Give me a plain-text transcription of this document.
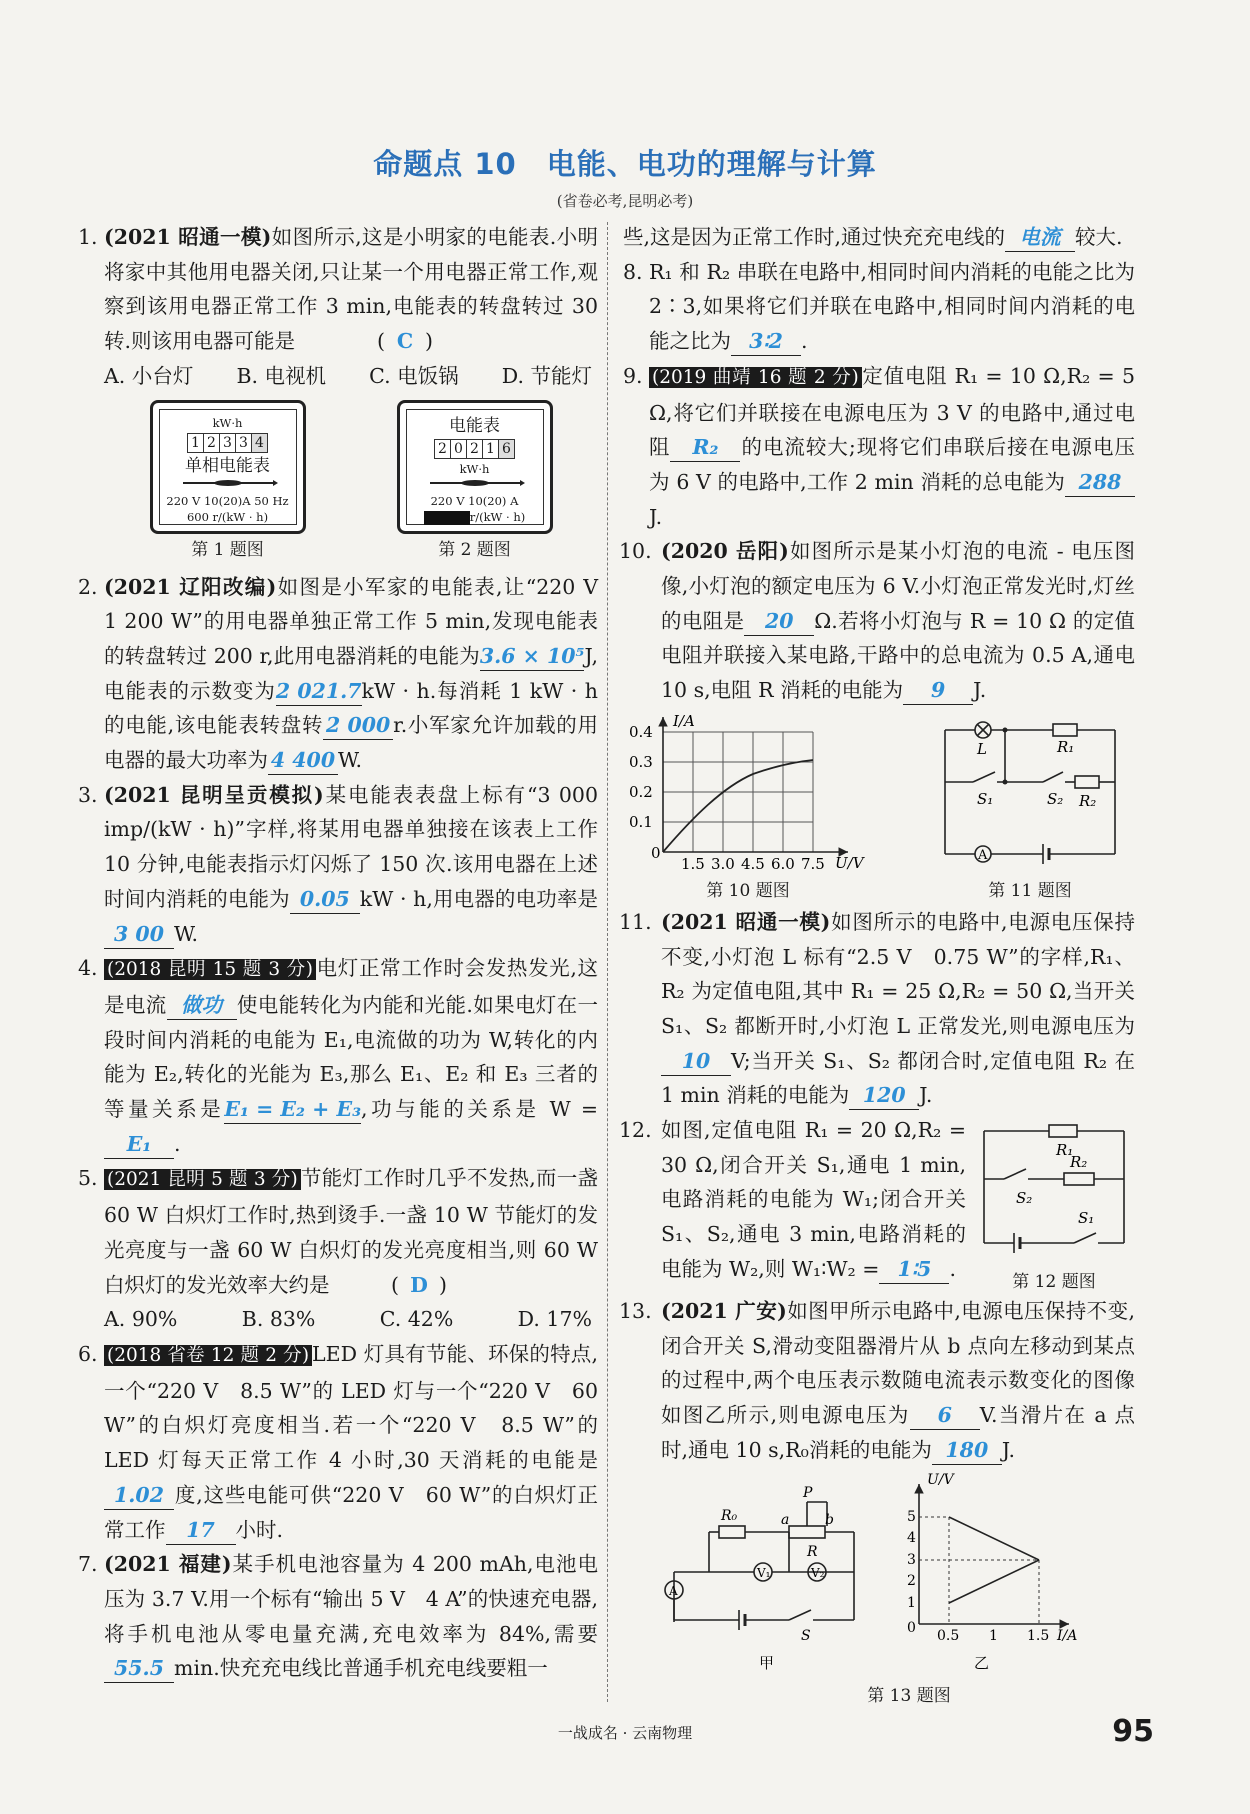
命题点 10　电能、电功的理解与计算
(省卷必考,昆明必考)
1. (2021 昭通一模)如图所示,这是小明家的电能表.小明将家中其他用电器关闭,只让某一个用电器正常工作,观察到该用电器正常工作 3 min,电能表的转盘转过 30 转.则该用电器可能是　　　　( C )

A. 小台灯 B. 电视机 C. 电饭锅 D. 节能灯
kW·h
1 2 3 3 4
单相电能表
220 V 10(20)A 50 Hz
600 r/(kW · h)
第 1 题图
电能表
2 0 2 1 6
kW·h
220 V 10(20) A
r/(kW · h)
第 2 题图
2. (2021 辽阳改编)如图是小军家的电能表,让“220 V　1 200 W”的用电器单独正常工作 5 min,发现电能表的转盘转过 200 r,此用电器消耗的电能为3.6 × 10⁵J,电能表的示数变为2 021.7kW · h.每消耗 1 kW · h 的电能,该电能表转盘转 2 000 r.小军家允许加载的用电器的最大功率为 4 400 W.

3. (2021 昆明呈贡模拟)某电能表表盘上标有“3 000 imp/(kW · h)”字样,将某用电器单独接在该表上工作 10 分钟,电能表指示灯闪烁了 150 次.该用电器在上述时间内消耗的电能为 0.05 kW · h,用电器的电功率是3 00 W.

4. (2018 昆明 15 题 3 分) 电灯正常工作时会发热发光,这是电流 做功 使电能转化为内能和光能.如果电灯在一段时间内消耗的电能为 E₁,电流做的功为 W,转化的内能为 E₂,转化的光能为 E₃,那么 E₁、E₂ 和 E₃ 三者的等量关系是E₁ = E₂ + E₃,功与能的关系是 W =E₁ .

5. (2021 昆明 5 题 3 分) 节能灯工作时几乎不发热,而一盏 60 W 白炽灯工作时,热到烫手.一盏 10 W 节能灯的发光亮度与一盏 60 W 白炽灯的发光亮度相当,则 60 W 白炽灯的发光效率大约是　　　( D )

A. 90%	B. 83%	C. 42%	D. 17%
6. (2018 省卷 12 题 2 分) LED 灯具有节能、环保的特点,一个“220 V　8.5 W”的 LED 灯与一个“220 V　60 W”的白炽灯亮度相当.若一个“220 V　8.5 W”的 LED 灯每天正常工作 4 小时,30 天消耗的电能是1.02 度,这些电能可供“220 V　60 W”的白炽灯正常工作 17 小时.

7. (2021 福建)某手机电池容量为 4 200 mAh,电池电压为 3.7 V.用一个标有“输出 5 V　4 A”的快速充电器,将手机电池从零电量充满,充电效率为 84%,需要55.5 min.快充充电线比普通手机充电线要粗一

些,这是因为正常工作时,通过快充充电线的 电流 较大.

8. R₁ 和 R₂ 串联在电路中,相同时间内消耗的电能之比为 2∶3,如果将它们并联在电路中,相同时间内消耗的电能之比为 3∶2 .

9. (2019 曲靖 16 题 2 分) 定值电阻 R₁ = 10 Ω,R₂ = 5 Ω,将它们并联接在电源电压为 3 V 的电路中,通过电阻 R₂ 的电流较大;现将它们串联后接在电源电压为 6 V 的电路中,工作 2 min 消耗的总电能为 288J.

10. (2020 岳阳)如图所示是某小灯泡的电流 - 电压图像,小灯泡的额定电压为 6 V.小灯泡正常发光时,灯丝的电阻是 20 Ω.若将小灯泡与 R = 10 Ω 的定值电阻并联接入某电路,干路中的总电流为 0.5 A,通电 10 s,电阻 R 消耗的电能为 9 J.

I/A
U/V
0
0.4
0.3
0.2
0.1
1.5 3.0 4.5 6.0 7.5
第 10 题图
L	R₁
S₁	S₂ R₂
A
第 11 题图
11. (2021 昭通一模)如图所示的电路中,电源电压保持不变,小灯泡 L 标有“2.5 V　0.75 W”的字样,R₁、R₂ 为定值电阻,其中 R₁ = 25 Ω,R₂ = 50 Ω,当开关 S₁、S₂ 都断开时,小灯泡 L 正常发光,则电源电压为10 V;当开关 S₁、S₂ 都闭合时,定值电阻 R₂ 在 1 min 消耗的电能为 120 J.

12. 如图,定值电阻 R₁ = 20 Ω,R₂ = 30 Ω,闭合开关 S₁,通电 1 min,电路消耗的电能为 W₁;闭合开关 S₁、S₂,通电 3 min,电路消耗的电能为 W₂,则 W₁∶W₂ = 1∶5 .

R₁
R₂
S₂
S₁
第 12 题图
13. (2021 广安)如图甲所示电路中,电源电压保持不变,闭合开关 S,滑动变阻器滑片从 b 点向左移动到某点的过程中,两个电压表示数随电流表示数变化的图像如图乙所示,则电源电压为 6 V.当滑片在 a 点时,通电 10 s,R₀消耗的电能为 180 J.

R₀
P
a	b
R
V₁	V₂
A
S
甲
U/V
I/A
0
5
4
3
2
1
0.5 1 1.5
乙
第 13 题图
一战成名 · 云南物理	95
